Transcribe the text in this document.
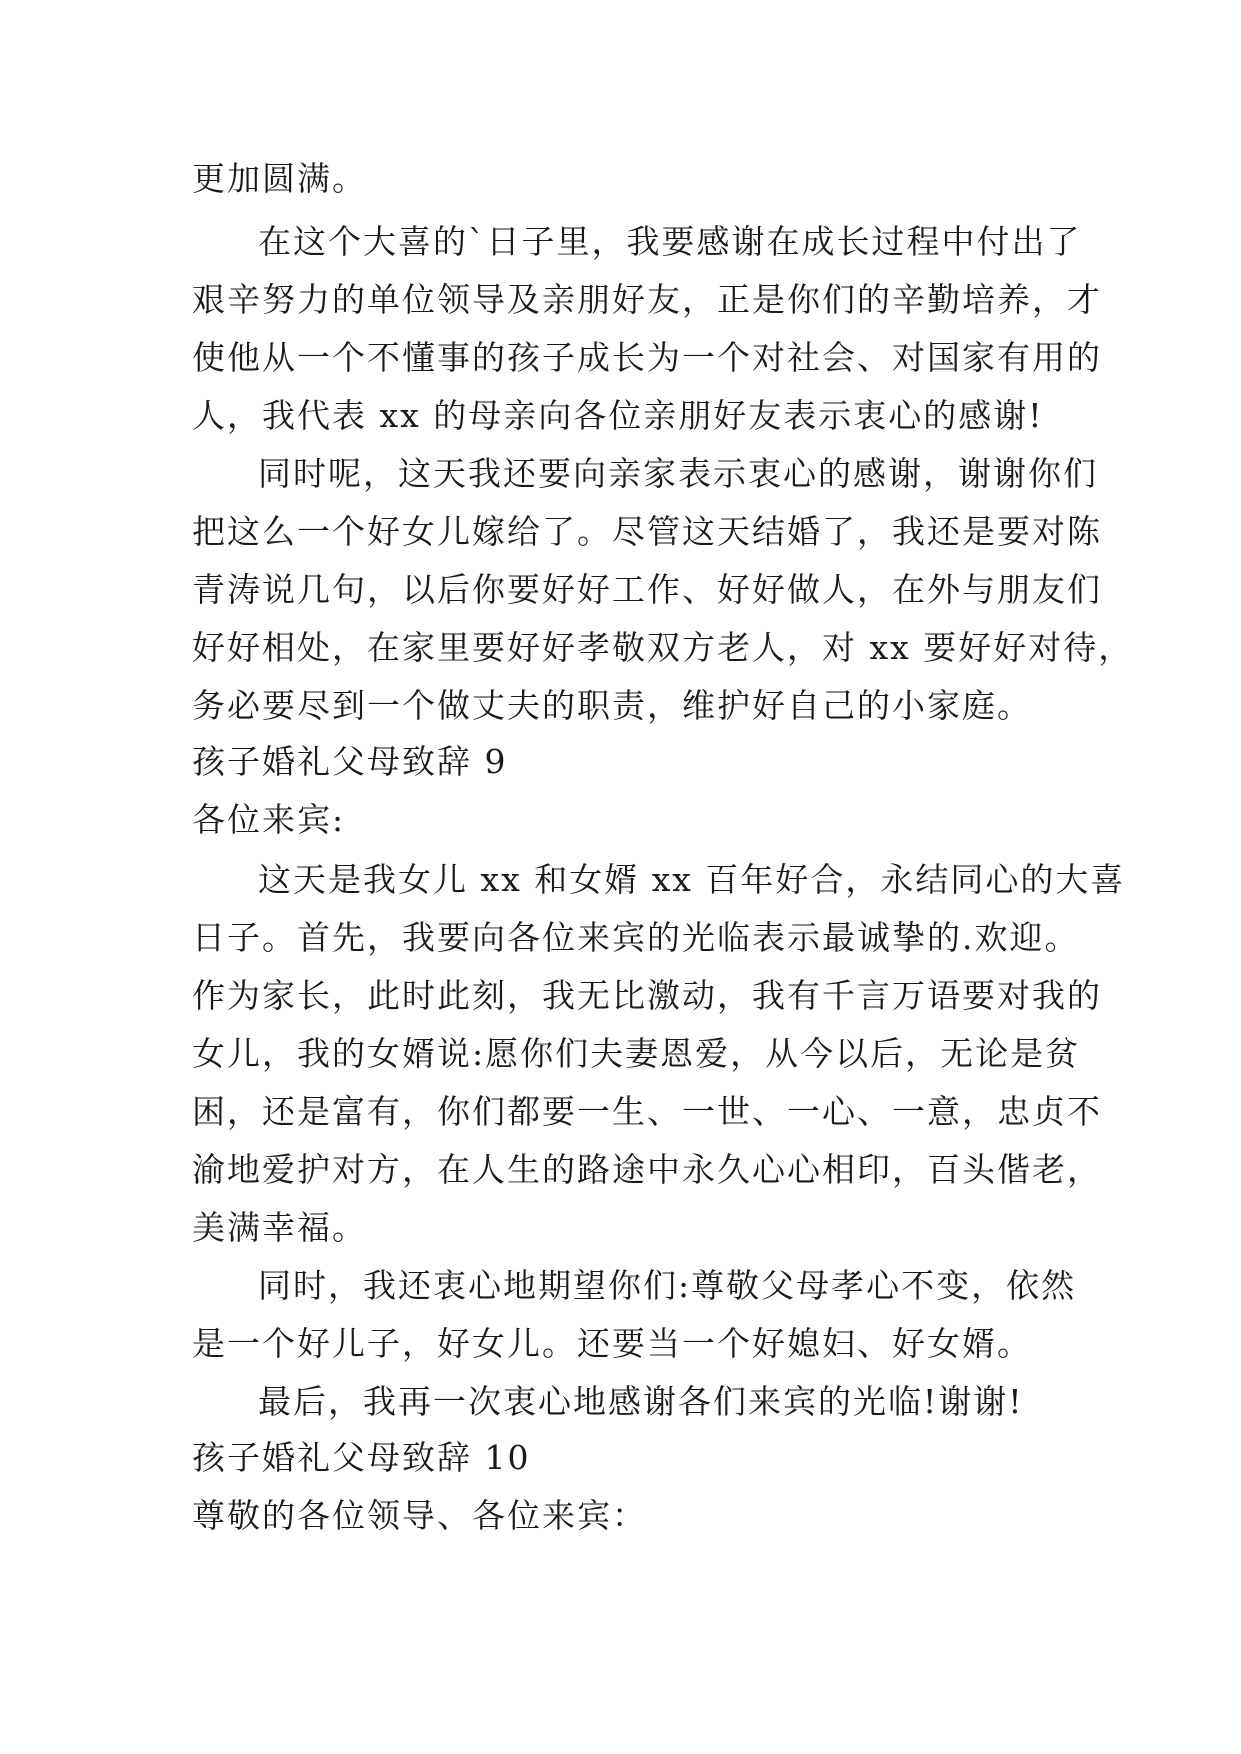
更加圆满。
在这个大喜的`日子里，我要感谢在成长过程中付出了
艰辛努力的单位领导及亲朋好友，正是你们的辛勤培养，才
使他从一个不懂事的孩子成长为一个对社会、对国家有用的
人，我代表 xx 的母亲向各位亲朋好友表示衷心的感谢!
同时呢，这天我还要向亲家表示衷心的感谢，谢谢你们
把这么一个好女儿嫁给了。尽管这天结婚了，我还是要对陈
青涛说几句，以后你要好好工作、好好做人，在外与朋友们
好好相处，在家里要好好孝敬双方老人，对 xx 要好好对待，
务必要尽到一个做丈夫的职责，维护好自己的小家庭。
孩子婚礼父母致辞 9
各位来宾:
这天是我女儿 xx 和女婿 xx 百年好合，永结同心的大喜
日子。首先，我要向各位来宾的光临表示最诚挚的.欢迎。
作为家长，此时此刻，我无比激动，我有千言万语要对我的
女儿，我的女婿说:愿你们夫妻恩爱，从今以后，无论是贫
困，还是富有，你们都要一生、一世、一心、一意，忠贞不
渝地爱护对方，在人生的路途中永久心心相印，百头偕老，
美满幸福。
同时，我还衷心地期望你们:尊敬父母孝心不变，依然
是一个好儿子，好女儿。还要当一个好媳妇、好女婿。
最后，我再一次衷心地感谢各们来宾的光临!谢谢!
孩子婚礼父母致辞 10
尊敬的各位领导、各位来宾：
